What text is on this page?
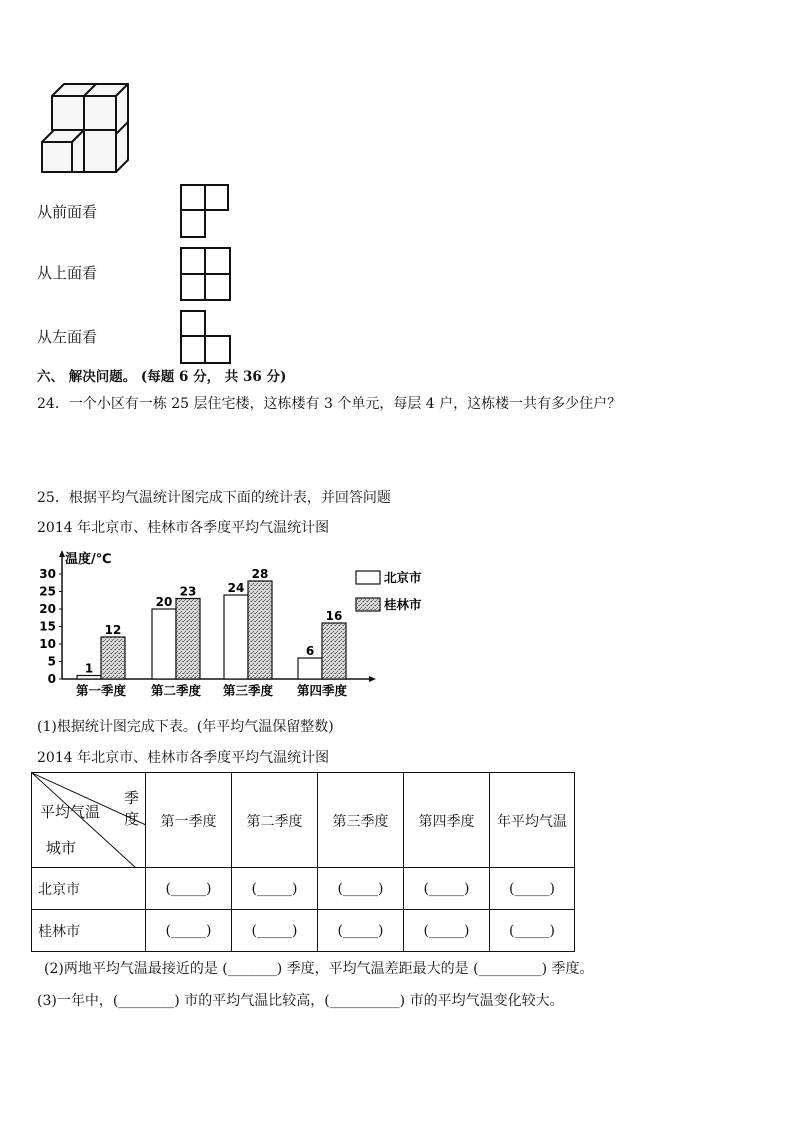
从前面看
从上面看
从左面看
六、 解决问题。 (每题 6 分， 共 36 分)
24．一个小区有一栋 25 层住宅楼，这栋楼有 3 个单元，每层 4 户，这栋楼一共有多少住户？
25．根据平均气温统计图完成下面的统计表，并回答问题
2014 年北京市、桂林市各季度平均气温统计图
温度/℃
0
5
10
15
20
25
30
1
12
第一季度
20
23
第二季度
24
28
第三季度
6
16
第四季度
北京市
桂林市
(1)根据统计图完成下表。(年平均气温保留整数)
2014 年北京市、桂林市各季度平均气温统计图
季度
平均气温
城市	第一季度	第二季度	第三季度	第四季度	年平均气温
北京市	(_____)	(_____)	(_____)	(_____)	(_____)
桂林市	(_____)	(_____)	(_____)	(_____)	(_____)
(2)两地平均气温最接近的是 (_______) 季度，平均气温差距最大的是 (_________) 季度。
(3)一年中，(________) 市的平均气温比较高，(__________) 市的平均气温变化较大。
